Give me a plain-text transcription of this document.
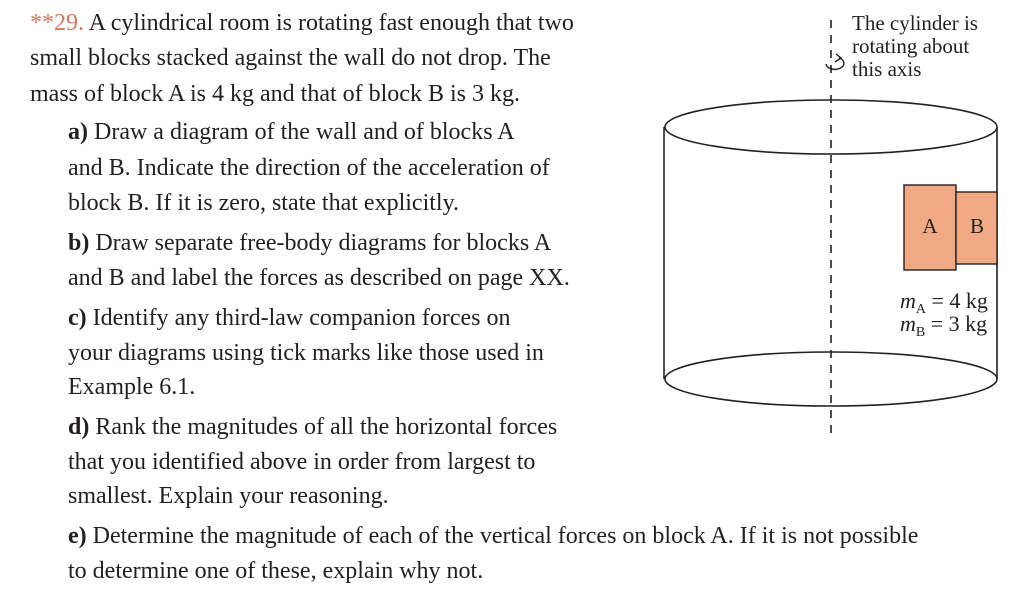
**29. A cylindrical room is rotating fast enough that two
small blocks stacked against the wall do not drop. The
mass of block A is 4 kg and that of block B is 3 kg.
a) Draw a diagram of the wall and of blocks A
and B. Indicate the direction of the acceleration of
block B. If it is zero, state that explicitly.
b) Draw separate free-body diagrams for blocks A
and B and label the forces as described on page XX.
c) Identify any third-law companion forces on
your diagrams using tick marks like those used in
Example 6.1.
d) Rank the magnitudes of all the horizontal forces
that you identified above in order from largest to
smallest. Explain your reasoning.
e) Determine the magnitude of each of the vertical forces on block A. If it is not possible
to determine one of these, explain why not.
A B
The cylinder is
rotating about
this axis
$m_A = 4$ kg
$m_B = 3$ kg
